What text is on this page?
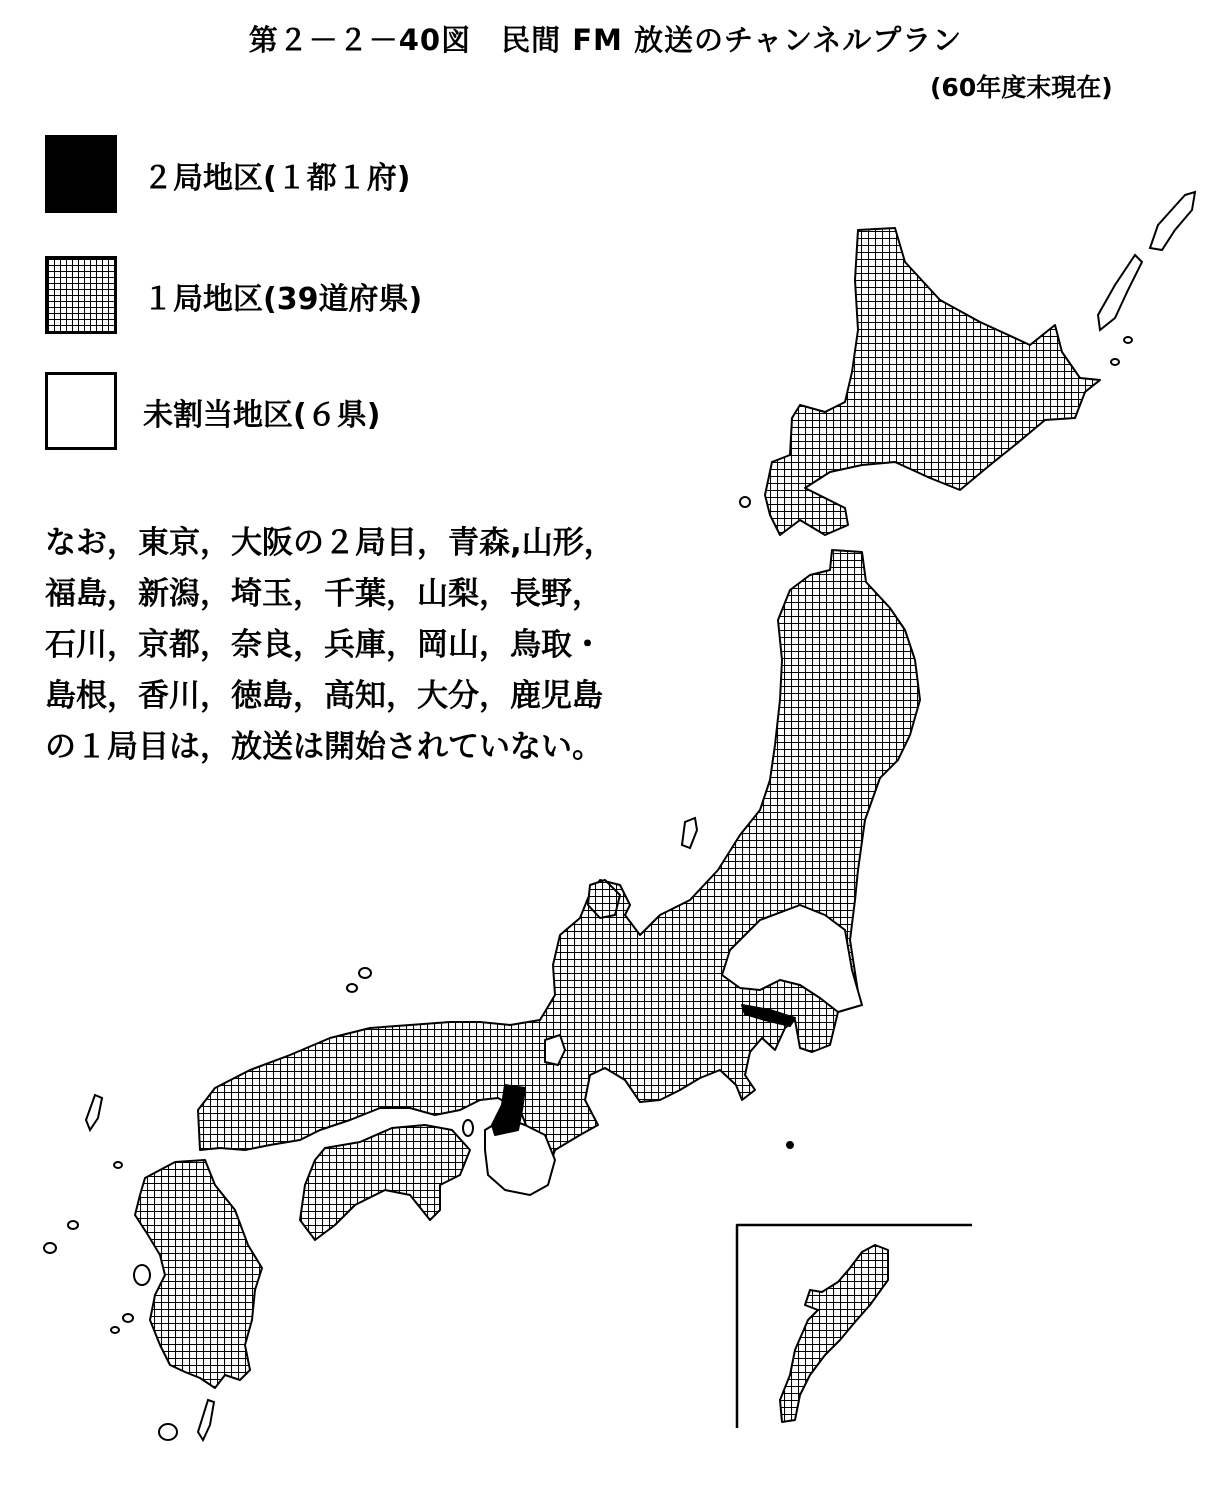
第２－２－40図　民間 FM 放送のチャンネルプラン
(60年度末現在)
２局地区(１都１府)
１局地区(39道府県)
未割当地区(６県)
なお，東京，大阪の２局目，青森,山形，
福島，新潟，埼玉，千葉，山梨，長野，
石川，京都，奈良，兵庫，岡山，鳥取・
島根，香川，徳島，高知，大分，鹿児島
の１局目は，放送は開始されていない。
